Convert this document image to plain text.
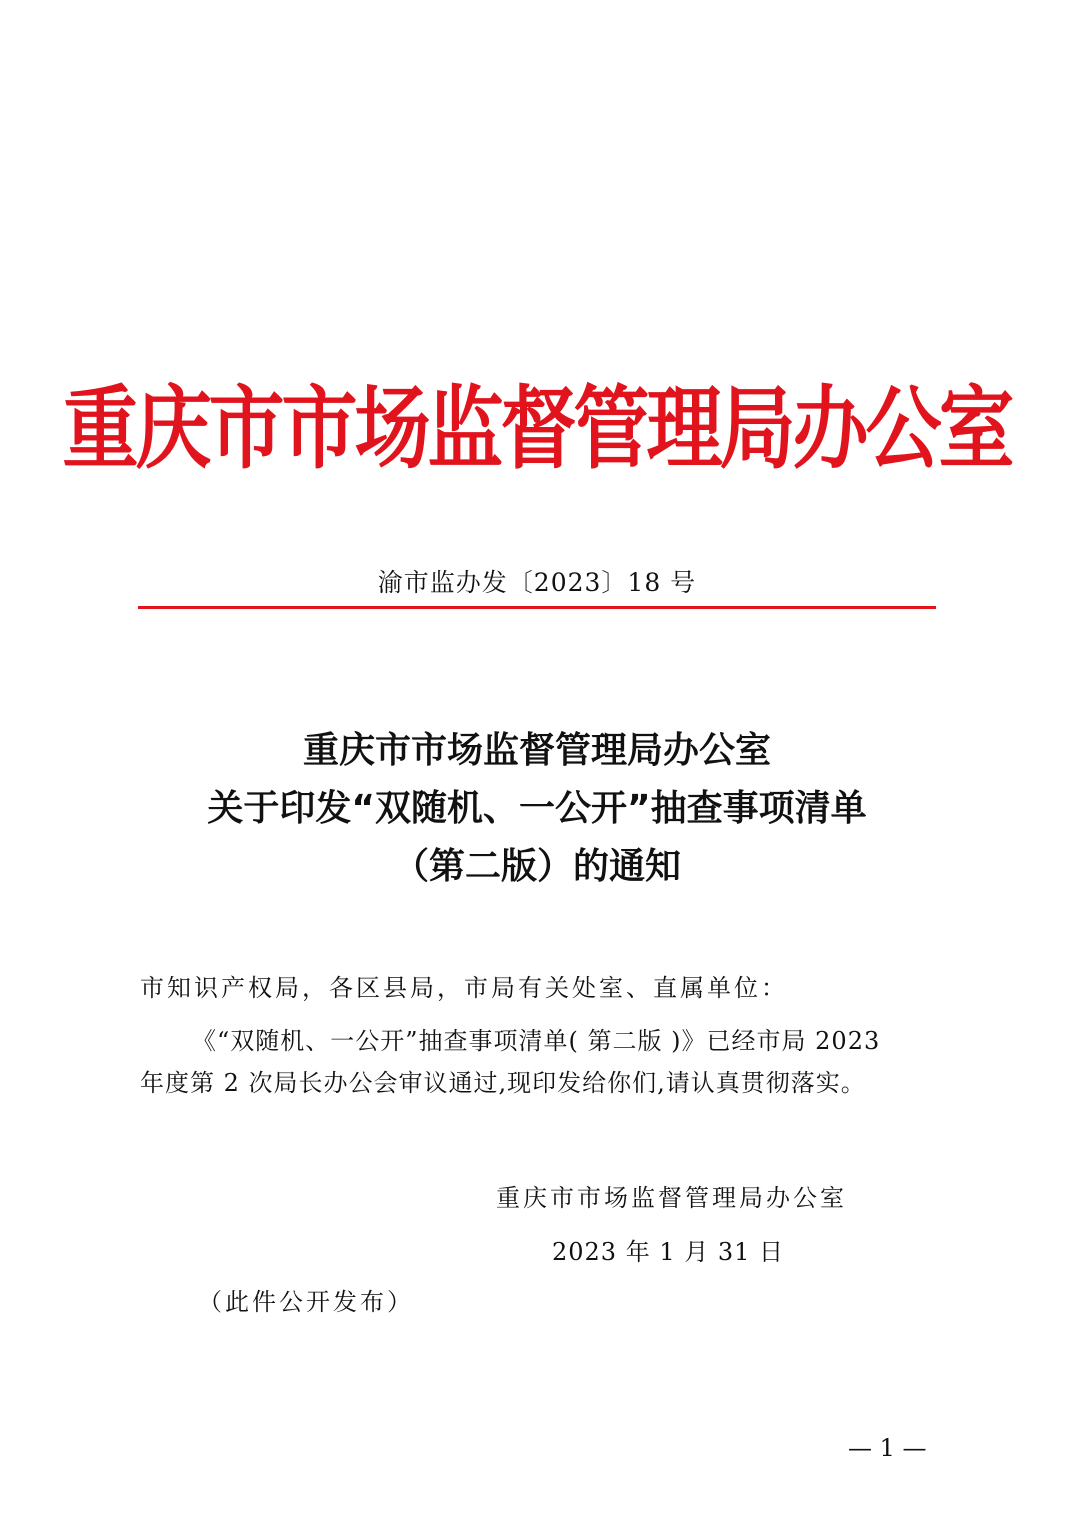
重庆市市场监督管理局办公室
渝市监办发〔2023〕18 号
重庆市市场监督管理局办公室
关于印发“双随机、一公开”抽查事项清单
（第二版）的通知
市知识产权局，各区县局，市局有关处室、直属单位：
《“双随机、一公开”抽查事项清单( 第二版 )》已经市局 2023
年度第 2 次局长办公会审议通过,现印发给你们,请认真贯彻落实。
重庆市市场监督管理局办公室
2023 年 1 月 31 日
（此件公开发布）
— 1 —
